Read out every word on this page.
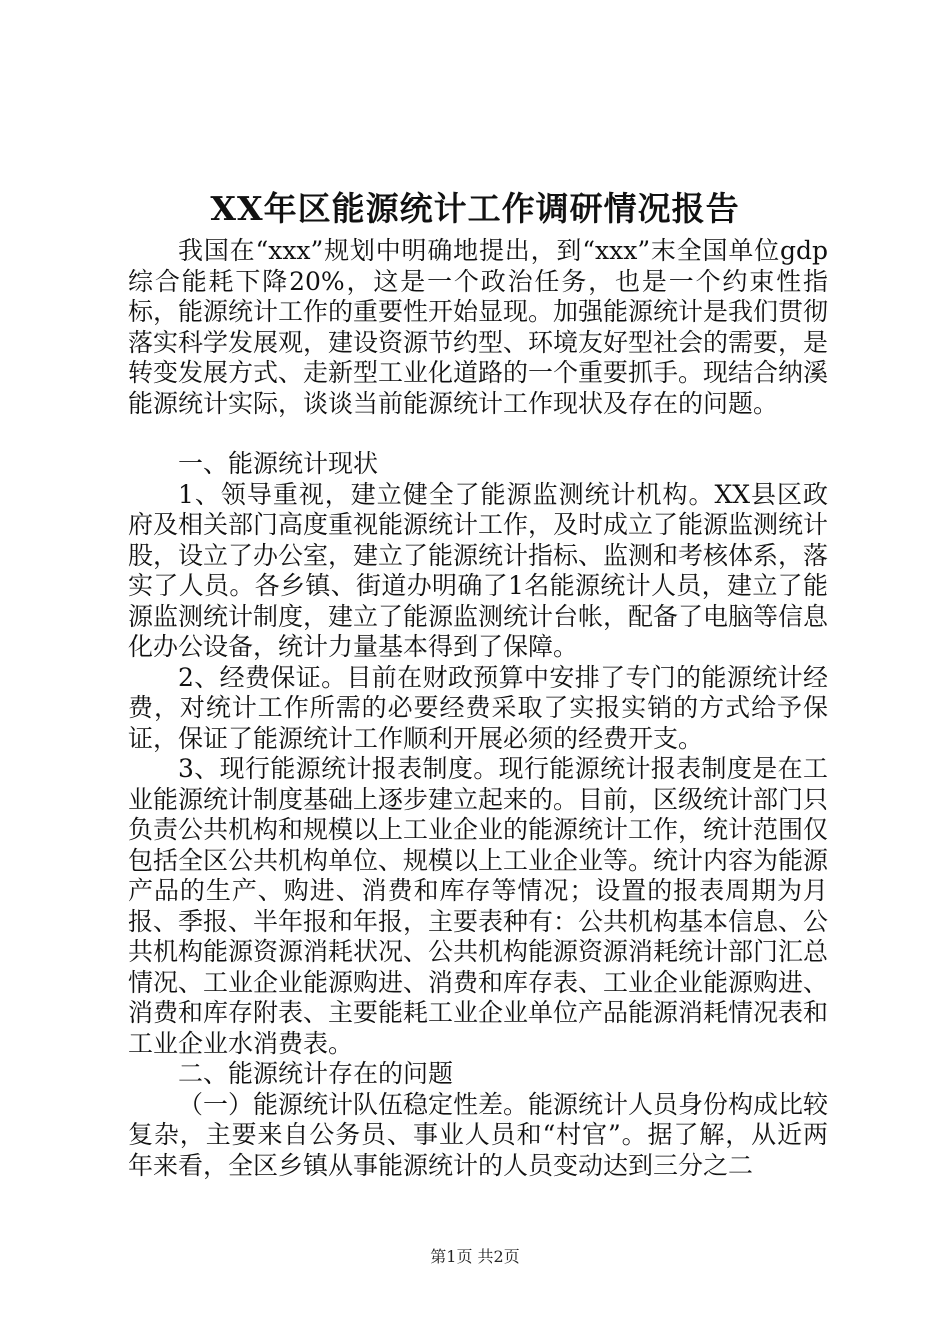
XX年区能源统计工作调研情况报告

我国在“xxx”规划中明确地提出，到“xxx”末全国单位gdp综合能耗下降20%，这是一个政治任务，也是一个约束性指标，能源统计工作的重要性开始显现。加强能源统计是我们贯彻落实科学发展观，建设资源节约型、环境友好型社会的需要，是转变发展方式、走新型工业化道路的一个重要抓手。现结合纳溪能源统计实际，谈谈当前能源统计工作现状及存在的问题。

一、能源统计现状

1、领导重视，建立健全了能源监测统计机构。XX县区政府及相关部门高度重视能源统计工作，及时成立了能源监测统计股，设立了办公室，建立了能源统计指标、监测和考核体系，落实了人员。各乡镇、街道办明确了1名能源统计人员，建立了能源监测统计制度，建立了能源监测统计台帐，配备了电脑等信息化办公设备，统计力量基本得到了保障。

2、经费保证。目前在财政预算中安排了专门的能源统计经费，对统计工作所需的必要经费采取了实报实销的方式给予保证，保证了能源统计工作顺利开展必须的经费开支。

3、现行能源统计报表制度。现行能源统计报表制度是在工业能源统计制度基础上逐步建立起来的。目前，区级统计部门只负责公共机构和规模以上工业企业的能源统计工作，统计范围仅包括全区公共机构单位、规模以上工业企业等。统计内容为能源产品的生产、购进、消费和库存等情况；设置的报表周期为月报、季报、半年报和年报，主要表种有：公共机构基本信息、公共机构能源资源消耗状况、公共机构能源资源消耗统计部门汇总情况、工业企业能源购进、消费和库存表、工业企业能源购进、消费和库存附表、主要能耗工业企业单位产品能源消耗情况表和工业企业水消费表。

二、能源统计存在的问题

（一）能源统计队伍稳定性差。能源统计人员身份构成比较复杂，主要来自公务员、事业人员和“村官”。据了解，从近两年来看，全区乡镇从事能源统计的人员变动达到三分之二

第1页 共2页
